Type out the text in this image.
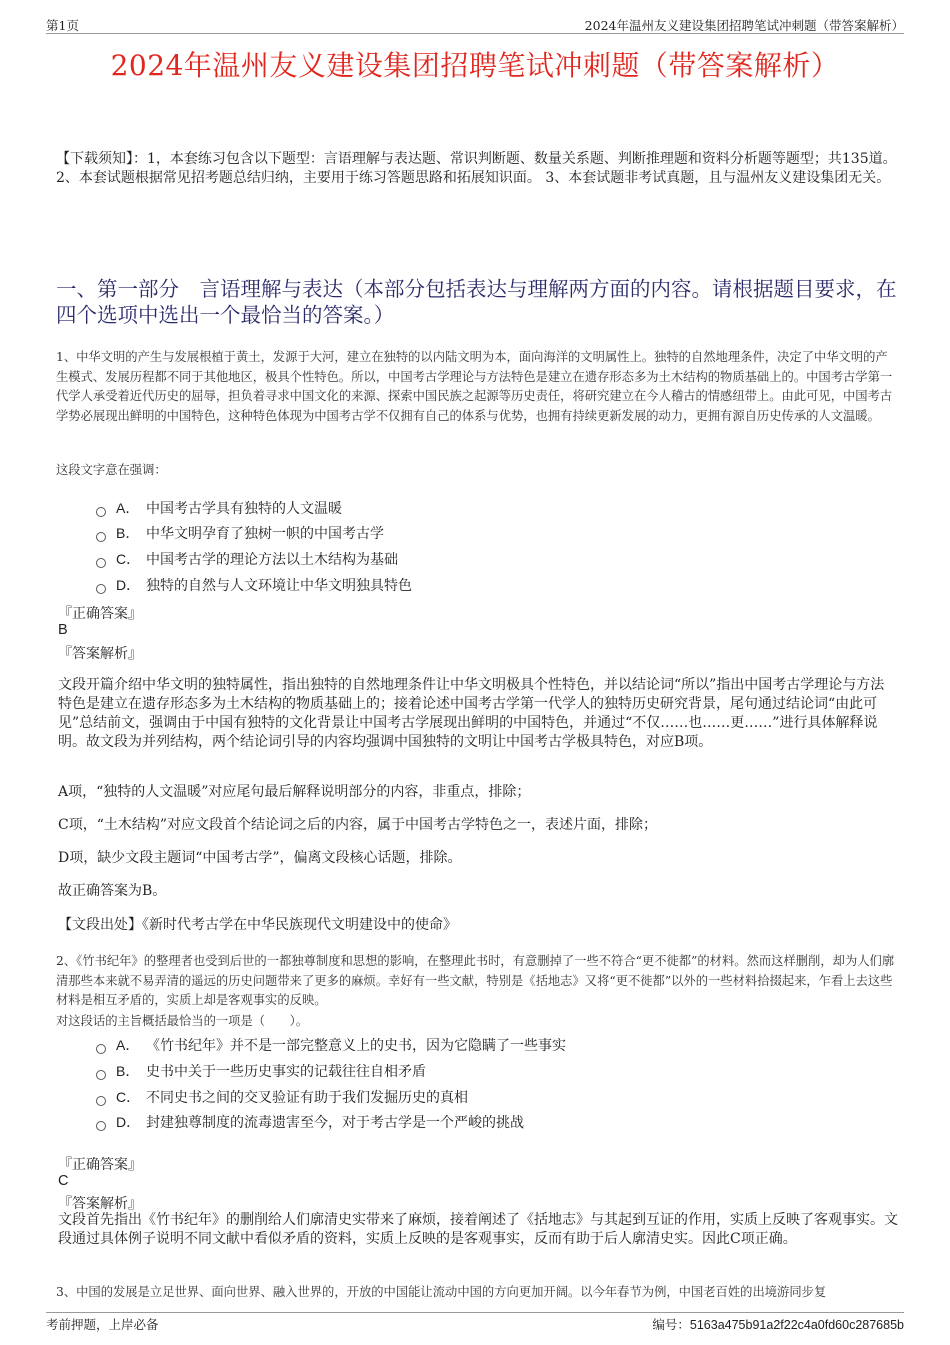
第1页	2024年温州友义建设集团招聘笔试冲刺题（带答案解析）
2024年温州友义建设集团招聘笔试冲刺题（带答案解析）
【下载须知】：1，本套练习包含以下题型：言语理解与表达题、常识判断题、数量关系题、判断推理题和资料分析题等题型；共135道。 2、本套试题根据常见招考题总结归纳，主要用于练习答题思路和拓展知识面。 3、本套试题非考试真题，且与温州友义建设集团无关。
一、第一部分　言语理解与表达（本部分包括表达与理解两方面的内容。请根据题目要求，在四个选项中选出一个最恰当的答案。）

1、中华文明的产生与发展根植于黄土，发源于大河，建立在独特的以内陆文明为本，面向海洋的文明属性上。独特的自然地理条件，决定了中华文明的产生模式、发展历程都不同于其他地区，极具个性特色。所以，中国考古学理论与方法特色是建立在遗存形态多为土木结构的物质基础上的。中国考古学第一代学人承受着近代历史的屈辱，担负着寻求中国文化的来源、探索中国民族之起源等历史责任，将研究建立在今人稽古的情感纽带上。由此可见，中国考古学势必展现出鲜明的中国特色，这种特色体现为中国考古学不仅拥有自己的体系与优势，也拥有持续更新发展的动力，更拥有源自历史传承的人文温暖。

这段文字意在强调：

A． 中国考古学具有独特的人文温暖
B． 中华文明孕育了独树一帜的中国考古学
C． 中国考古学的理论方法以土木结构为基础
D． 独特的自然与人文环境让中华文明独具特色
『正确答案』
B
『答案解析』
文段开篇介绍中华文明的独特属性，指出独特的自然地理条件让中华文明极具个性特色，并以结论词“所以”指出中国考古学理论与方法特色是建立在遗存形态多为土木结构的物质基础上的；接着论述中国考古学第一代学人的独特历史研究背景，尾句通过结论词“由此可见”总结前文，强调由于中国有独特的文化背景让中国考古学展现出鲜明的中国特色，并通过“不仅……也……更……”进行具体解释说明。故文段为并列结构，两个结论词引导的内容均强调中国独特的文明让中国考古学极具特色，对应B项。
A项，“独特的人文温暖”对应尾句最后解释说明部分的内容，非重点，排除；
C项，“土木结构”对应文段首个结论词之后的内容，属于中国考古学特色之一，表述片面，排除；
D项，缺少文段主题词“中国考古学”，偏离文段核心话题，排除。
故正确答案为B。
【文段出处】《新时代考古学在中华民族现代文明建设中的使命》

2、《竹书纪年》的整理者也受到后世的一都独尊制度和思想的影响，在整理此书时，有意删掉了一些不符合“更不徙都”的材料。然而这样删削，却为人们廓清那些本来就不易弄清的遥远的历史问题带来了更多的麻烦。幸好有一些文献，特别是《括地志》又将“更不徙都”以外的一些材料拾掇起来，乍看上去这些材料是相互矛盾的，实质上却是客观事实的反映。

对这段话的主旨概括最恰当的一项是（　　）。

A． 《竹书纪年》并不是一部完整意义上的史书，因为它隐瞒了一些事实
B． 史书中关于一些历史事实的记载往往自相矛盾
C． 不同史书之间的交叉验证有助于我们发掘历史的真相
D． 封建独尊制度的流毒遗害至今，对于考古学是一个严峻的挑战
『正确答案』
C
『答案解析』
文段首先指出《竹书纪年》的删削给人们廓清史实带来了麻烦，接着阐述了《括地志》与其起到互证的作用，实质上反映了客观事实。文段通过具体例子说明不同文献中看似矛盾的资料，实质上反映的是客观事实，反而有助于后人廓清史实。因此C项正确。

3、中国的发展是立足世界、面向世界、融入世界的，开放的中国能让流动中国的方向更加开阔。以今年春节为例，中国老百姓的出境游同步复

考前押题，上岸必备	编号：5163a475b91a2f22c4a0fd60c287685b
